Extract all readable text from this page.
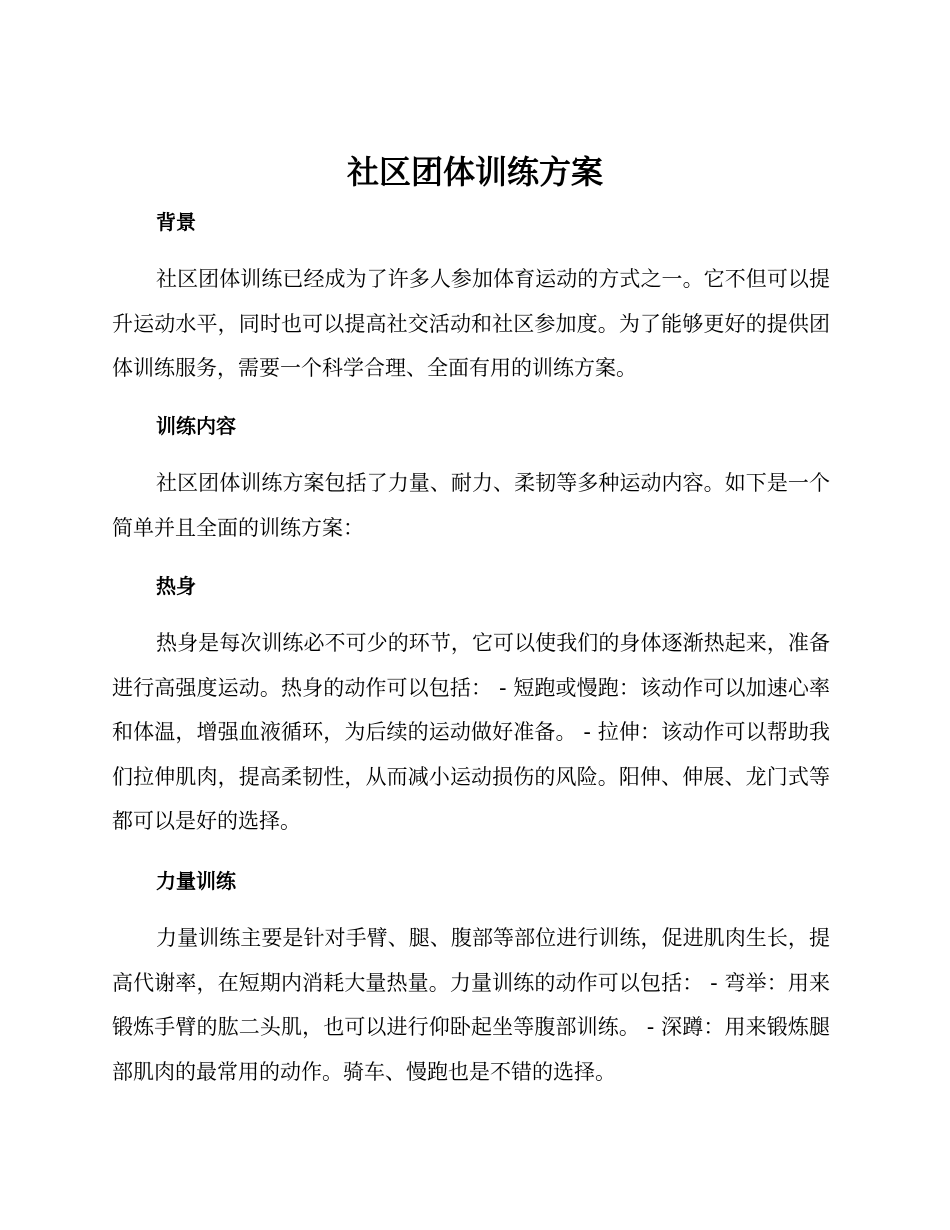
社区团体训练方案
背景

社区团体训练已经成为了许多人参加体育运动的方式之一。它不但可以提升运动水平，同时也可以提高社交活动和社区参加度。为了能够更好的提供团体训练服务，需要一个科学合理、全面有用的训练方案。

训练内容

社区团体训练方案包括了力量、耐力、柔韧等多种运动内容。如下是一个简单并且全面的训练方案：

热身

热身是每次训练必不可少的环节，它可以使我们的身体逐渐热起来，准备进行高强度运动。热身的动作可以包括： - 短跑或慢跑：该动作可以加速心率和体温，增强血液循环，为后续的运动做好准备。 - 拉伸：该动作可以帮助我们拉伸肌肉，提高柔韧性，从而减小运动损伤的风险。阳伸、伸展、龙门式等都可以是好的选择。

力量训练

力量训练主要是针对手臂、腿、腹部等部位进行训练，促进肌肉生长，提高代谢率，在短期内消耗大量热量。力量训练的动作可以包括： - 弯举：用来锻炼手臂的肱二头肌，也可以进行仰卧起坐等腹部训练。 - 深蹲：用来锻炼腿部肌肉的最常用的动作。骑车、慢跑也是不错的选择。
